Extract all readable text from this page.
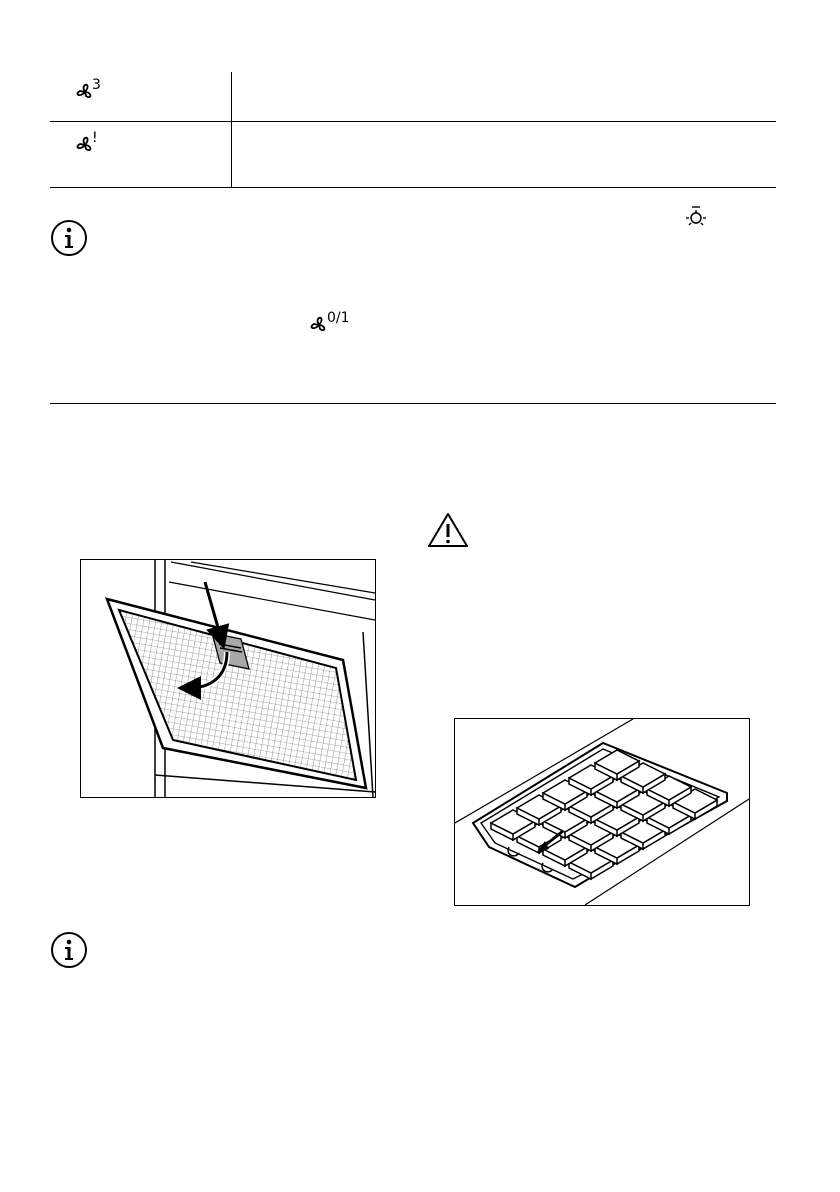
3
!
0/1
